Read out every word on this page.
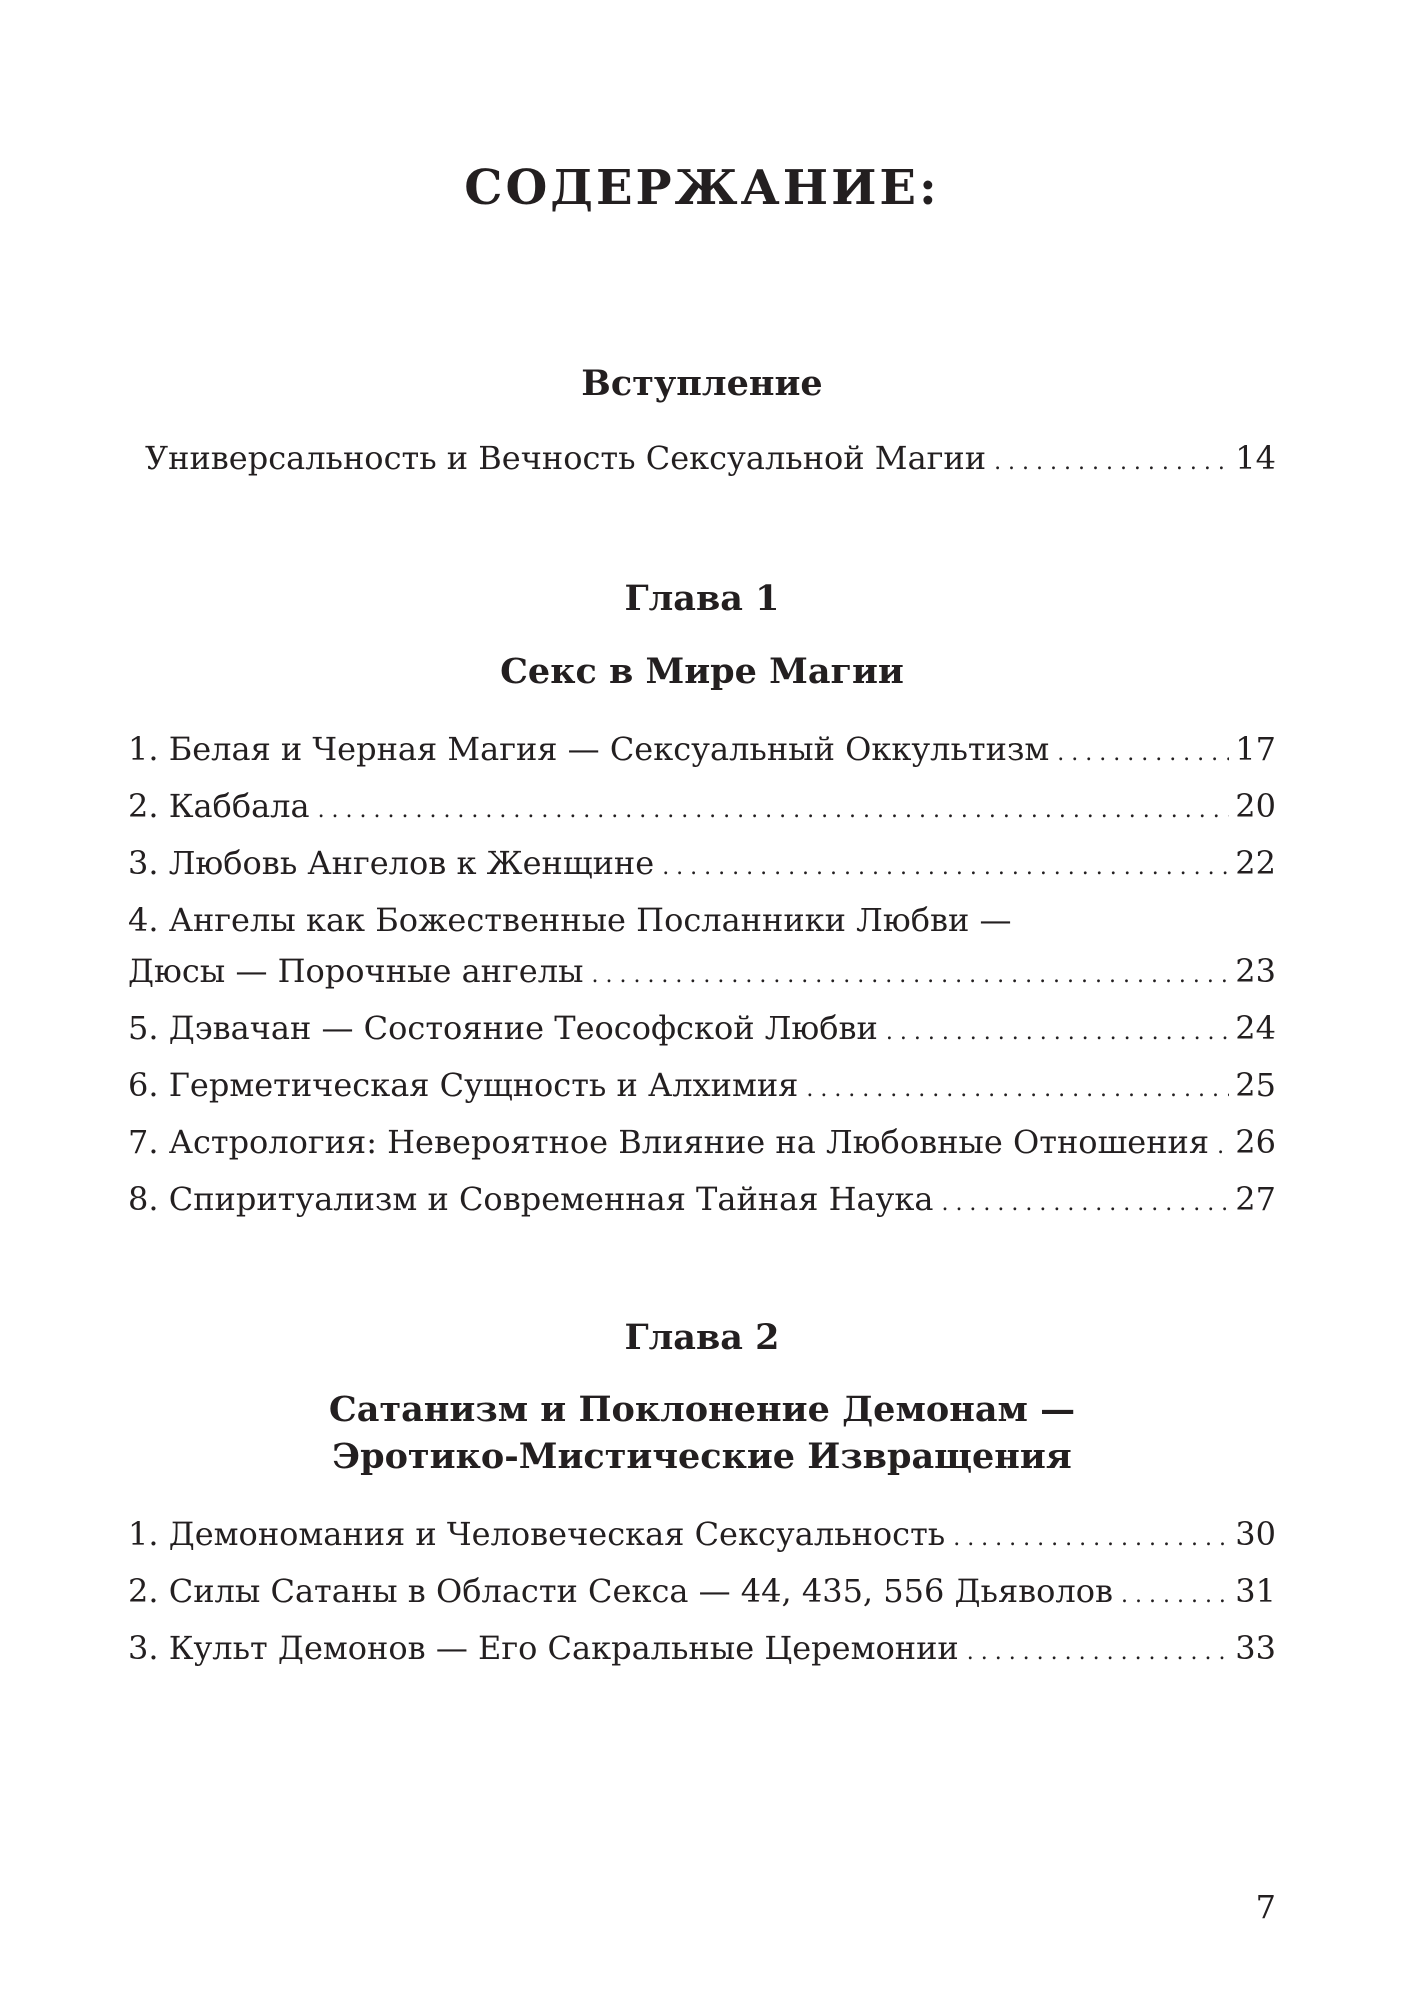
СОДЕРЖАНИЕ:
Вступление
Универсальность и Вечность Сексуальной Магии . . .	14
Глава 1
Секс в Мире Магии
1. Белая и Черная Магия — Сексуальный Оккультизм . . .	17
2. Каббала . . .	20
3. Любовь Ангелов к Женщине . . .	22
4. Ангелы как Божественные Посланники Любви —
Дюсы — Порочные ангелы . . .	23
5. Дэвачан — Состояние Теософской Любви . . .	24
6. Герметическая Сущность и Алхимия . . .	25
7. Астрология: Невероятное Влияние на Любовные Отношения . . . 26
8. Спиритуализм и Современная Тайная Наука . . .	27
Глава 2
Сатанизм и Поклонение Демонам —
Эротико-Мистические Извращения
1. Демономания и Человеческая Сексуальность . . .	30
2. Силы Сатаны в Области Секса — 44, 435, 556 Дьяволов . . .	31
3. Культ Демонов — Его Сакральные Церемонии . . .	33
7
